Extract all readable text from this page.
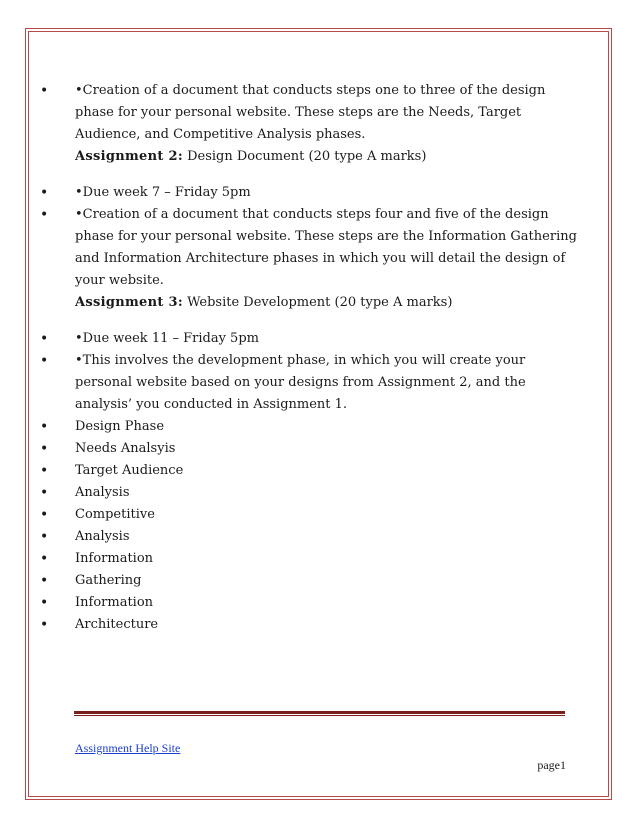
• •Creation of a document that conducts steps one to three of the design phase for your personal website. These steps are the Needs, Target Audience, and Competitive Analysis phases.
Assignment 2: Design Document (20 type A marks)
• •Due week 7 – Friday 5pm
• •Creation of a document that conducts steps four and five of the design phase for your personal website. These steps are the Information Gathering and Information Architecture phases in which you will detail the design of your website.
Assignment 3: Website Development (20 type A marks)
• •Due week 11 – Friday 5pm
• •This involves the development phase, in which you will create your personal website based on your designs from Assignment 2, and the analysis’ you conducted in Assignment 1.
• Design Phase
• Needs Analsyis
• Target Audience
• Analysis
• Competitive
• Analysis
• Information
• Gathering
• Information
• Architecture
Assignment Help Site
page1
